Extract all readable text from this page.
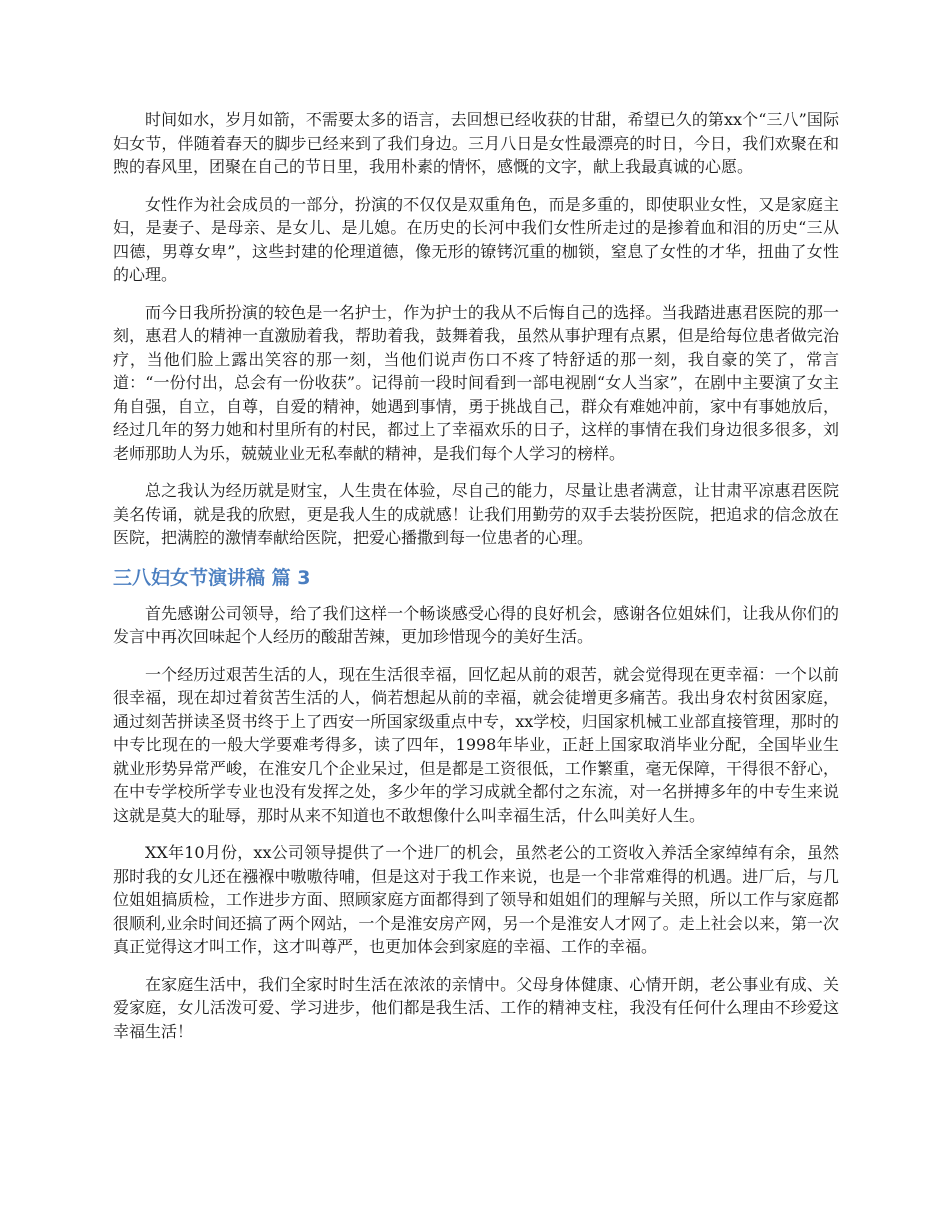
时间如水，岁月如箭，不需要太多的语言，去回想已经收获的甘甜，希望已久的第xx个“三八”国际妇女节，伴随着春天的脚步已经来到了我们身边。三月八日是女性最漂亮的时日，今日，我们欢聚在和煦的春风里，团聚在自己的节日里，我用朴素的情怀，感慨的文字，献上我最真诚的心愿。

女性作为社会成员的一部分，扮演的不仅仅是双重角色，而是多重的，即使职业女性，又是家庭主妇，是妻子、是母亲、是女儿、是儿媳。在历史的长河中我们女性所走过的是掺着血和泪的历史“三从四德，男尊女卑”，这些封建的伦理道德，像无形的镣铐沉重的枷锁，窒息了女性的才华，扭曲了女性的心理。

而今日我所扮演的较色是一名护士，作为护士的我从不后悔自己的选择。当我踏进惠君医院的那一刻，惠君人的精神一直激励着我，帮助着我，鼓舞着我，虽然从事护理有点累，但是给每位患者做完治疗，当他们脸上露出笑容的那一刻，当他们说声伤口不疼了特舒适的那一刻，我自豪的笑了，常言道：“一份付出，总会有一份收获”。记得前一段时间看到一部电视剧“女人当家”，在剧中主要演了女主角自强，自立，自尊，自爱的精神，她遇到事情，勇于挑战自己，群众有难她冲前，家中有事她放后，经过几年的努力她和村里所有的村民，都过上了幸福欢乐的日子，这样的事情在我们身边很多很多，刘老师那助人为乐，兢兢业业无私奉献的精神，是我们每个人学习的榜样。

总之我认为经历就是财宝，人生贵在体验，尽自己的能力，尽量让患者满意，让甘肃平凉惠君医院美名传诵，就是我的欣慰，更是我人生的成就感！让我们用勤劳的双手去装扮医院，把追求的信念放在医院，把满腔的激情奉献给医院，把爱心播撒到每一位患者的心理。

三八妇女节演讲稿 篇 3

首先感谢公司领导，给了我们这样一个畅谈感受心得的良好机会，感谢各位姐妹们，让我从你们的发言中再次回味起个人经历的酸甜苦辣，更加珍惜现今的美好生活。

一个经历过艰苦生活的人，现在生活很幸福，回忆起从前的艰苦，就会觉得现在更幸福：一个以前很幸福，现在却过着贫苦生活的人，倘若想起从前的幸福，就会徒增更多痛苦。我出身农村贫困家庭，通过刻苦拼读圣贤书终于上了西安一所国家级重点中专，xx学校，归国家机械工业部直接管理，那时的中专比现在的一般大学要难考得多，读了四年，1998年毕业，正赶上国家取消毕业分配，全国毕业生就业形势异常严峻，在淮安几个企业呆过，但是都是工资很低，工作繁重，毫无保障，干得很不舒心，在中专学校所学专业也没有发挥之处，多少年的学习成就全都付之东流，对一名拼搏多年的中专生来说这就是莫大的耻辱，那时从来不知道也不敢想像什么叫幸福生活，什么叫美好人生。

XX年10月份，xx公司领导提供了一个进厂的机会，虽然老公的工资收入养活全家绰绰有余，虽然那时我的女儿还在襁褓中嗷嗷待哺，但是这对于我工作来说，也是一个非常难得的机遇。进厂后，与几位姐姐搞质检，工作进步方面、照顾家庭方面都得到了领导和姐姐们的理解与关照，所以工作与家庭都很顺利,业余时间还搞了两个网站，一个是淮安房产网，另一个是淮安人才网了。走上社会以来，第一次真正觉得这才叫工作，这才叫尊严，也更加体会到家庭的幸福、工作的幸福。

在家庭生活中，我们全家时时生活在浓浓的亲情中。父母身体健康、心情开朗，老公事业有成、关爱家庭，女儿活泼可爱、学习进步，他们都是我生活、工作的精神支柱，我没有任何什么理由不珍爱这幸福生活！
